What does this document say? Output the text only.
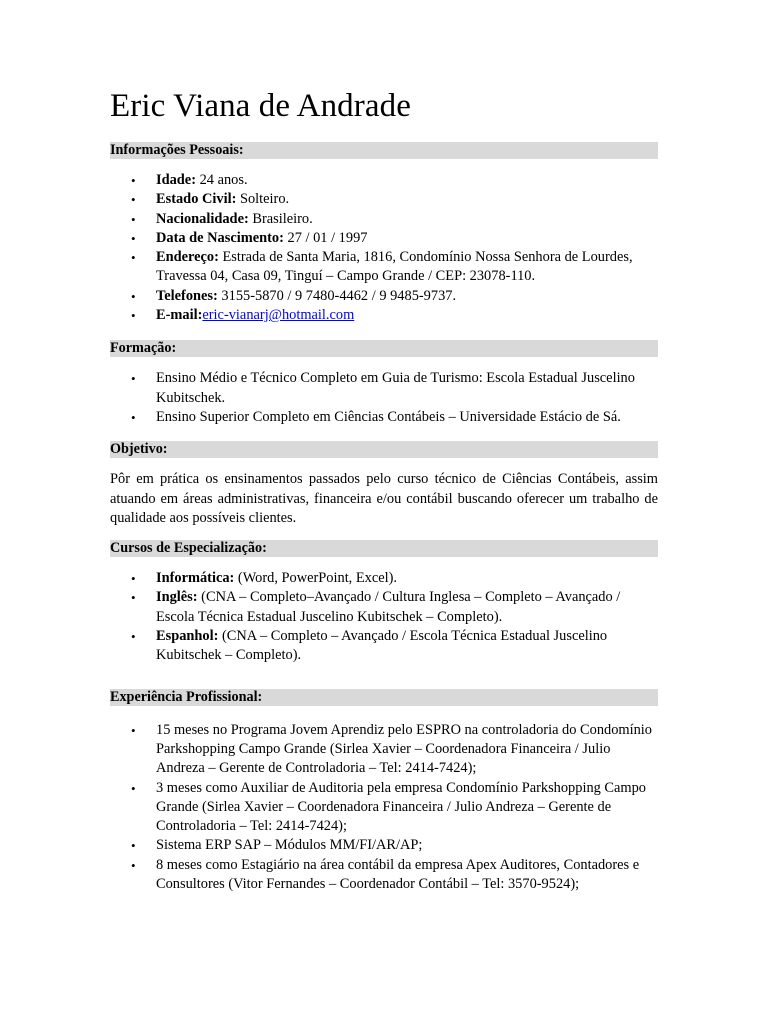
Eric Viana de Andrade
Informações Pessoais:
• Idade: 24 anos.
• Estado Civil: Solteiro.
• Nacionalidade: Brasileiro.
• Data de Nascimento: 27 / 01 / 1997
• Endereço: Estrada de Santa Maria, 1816, Condomínio Nossa Senhora de Lourdes, Travessa 04, Casa 09, Tinguí – Campo Grande / CEP: 23078-110.
• Telefones: 3155-5870 / 9 7480-4462 / 9 9485-9737.
• E-mail:eric-vianarj@hotmail.com
Formação:
• Ensino Médio e Técnico Completo em Guia de Turismo: Escola Estadual Juscelino Kubitschek.
• Ensino Superior Completo em Ciências Contábeis – Universidade Estácio de Sá.
Objetivo:

Pôr em prática os ensinamentos passados pelo curso técnico de Ciências Contábeis, assim atuando em áreas administrativas, financeira e/ou contábil buscando oferecer um trabalho de qualidade aos possíveis clientes.

Cursos de Especialização:
• Informática: (Word, PowerPoint, Excel).
• Inglês: (CNA – Completo–Avançado / Cultura Inglesa – Completo – Avançado / Escola Técnica Estadual Juscelino Kubitschek – Completo).
• Espanhol: (CNA – Completo – Avançado / Escola Técnica Estadual Juscelino Kubitschek – Completo).
Experiência Profissional:
• 15 meses no Programa Jovem Aprendiz pelo ESPRO na controladoria do Condomínio Parkshopping Campo Grande (Sirlea Xavier – Coordenadora Financeira / Julio Andreza – Gerente de Controladoria – Tel: 2414-7424);
• 3 meses como Auxiliar de Auditoria pela empresa Condomínio Parkshopping Campo Grande (Sirlea Xavier – Coordenadora Financeira / Julio Andreza – Gerente de Controladoria – Tel: 2414-7424);
• Sistema ERP SAP – Módulos MM/FI/AR/AP;
• 8 meses como Estagiário na área contábil da empresa Apex Auditores, Contadores e Consultores (Vitor Fernandes – Coordenador Contábil – Tel: 3570-9524);
